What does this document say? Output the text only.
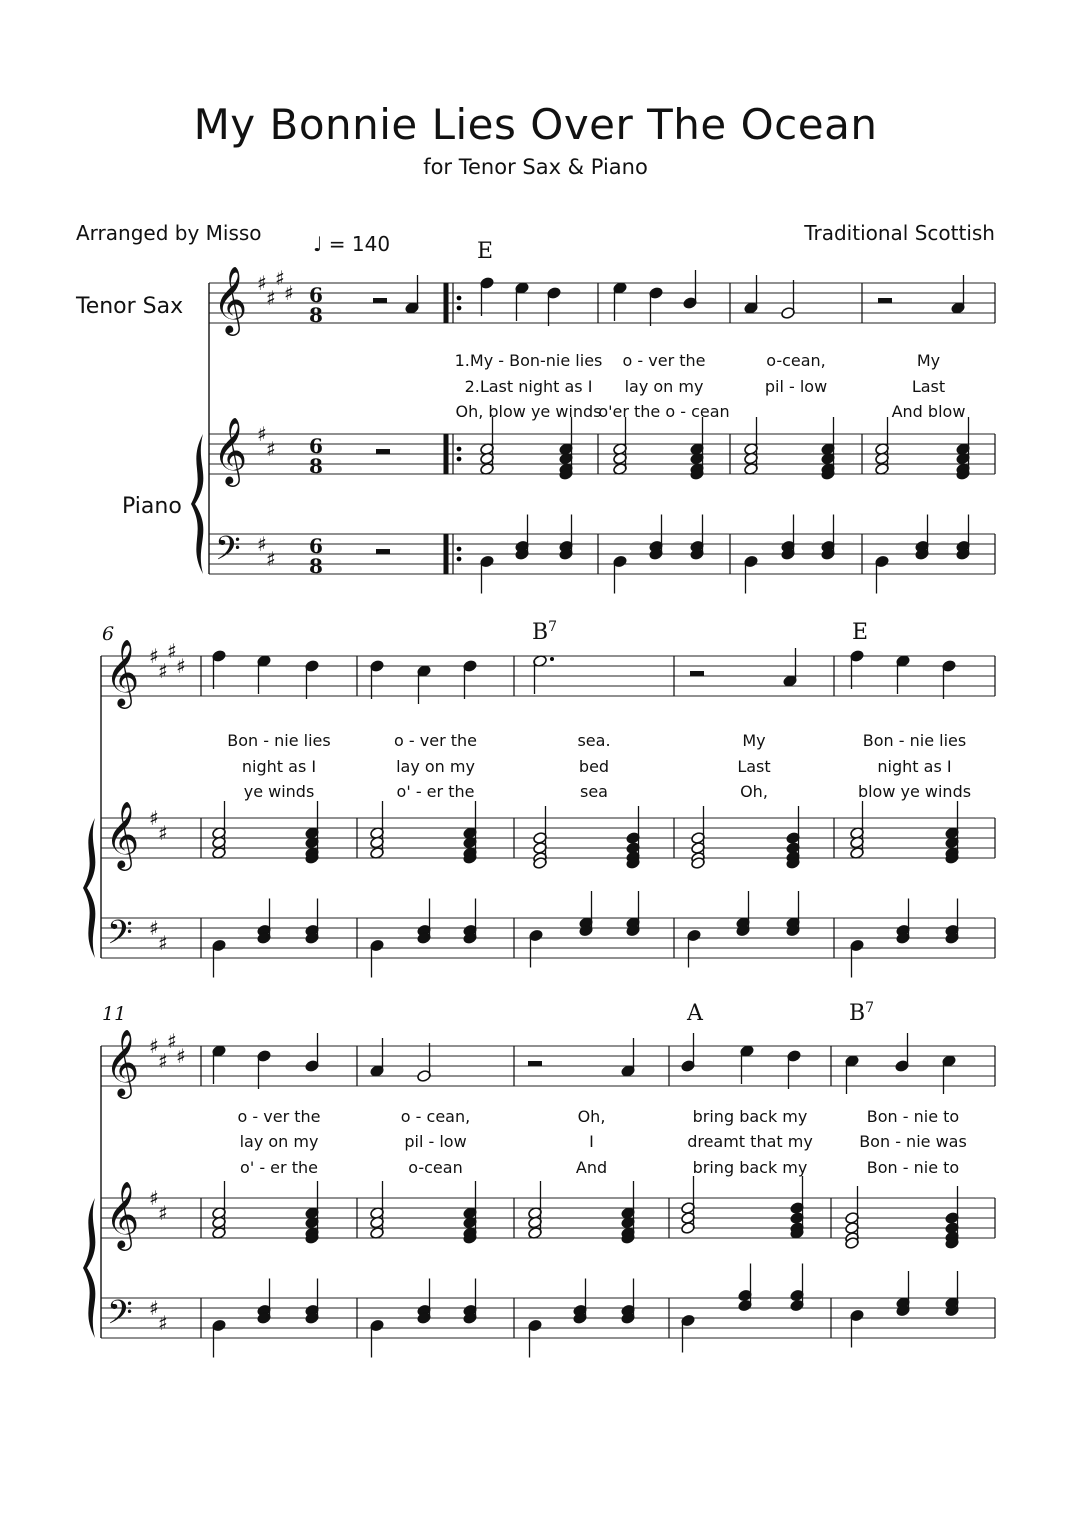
My Bonnie Lies Over The Ocean
for Tenor Sax & Piano
Arranged by Misso	Traditional Scottish
♩ = 140
Tenor Sax
Piano
𝄞
𝄞
𝄢
♯
♯
♯
♯
♯
♯
♯
♯
6
8
6
8
6
8
E
1.My - Bon-nie lies
2.Last night as I
Oh, blow ye winds
o - ver the
lay on my
o'er the o - cean
o-cean,
pil - low
My
Last
And blow
𝄞
𝄞
𝄢
♯
♯
♯
♯
♯
♯
♯
♯
6
Bon - nie lies
night as I
ye winds
o - ver the
lay on my
o' - er the
$B^7$
sea.
bed
sea
My
Last
Oh,
E
Bon - nie lies
night as I
blow ye winds
𝄞
𝄞
𝄢
♯
♯
♯
♯
♯
♯
♯
♯
11
o - ver the
lay on my
o' - er the
o - cean,
pil - low
o-cean
Oh,
I
And
A
bring back my
dreamt that my
bring back my
$B^7$
Bon - nie to
Bon - nie was
Bon - nie to
